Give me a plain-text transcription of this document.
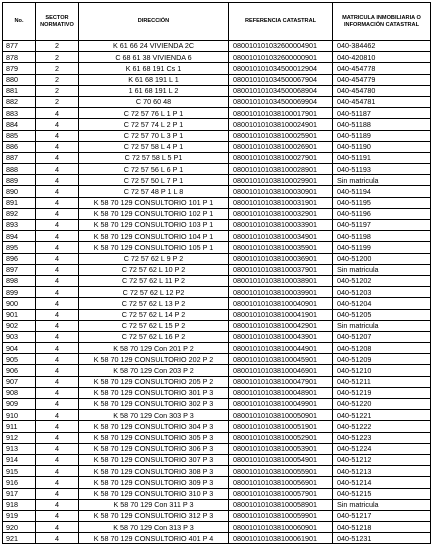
No.	SECTOR NORMATIVO	DIRECCIÓN	REFERENCIA CATASTRAL	MATRICULA INMOBILIARIA O INFORMACIÓN CATASTRAL
877	2	K 61 66 24 VIVIENDA 2C	080010101032600004901	040-384462
878	2	C 68 61 38 VIVIENDA 6	080010101032600000901	040-420810
879	2	K 61 68 191 Cs 1	080010101034500012904	040-454778
880	2	K 61 68 191 L 1	080010101034500067904	040-454779
881	2	1 61 68 191 L 2	080010101034500068904	040-454780
882	2	C 70 60 48	080010101034500069904	040-454781
883	4	C 72 57 76 L 1 P 1	080010101038100017901	040-51187
884	4	C 72 57 74 L 2 P 1	080010101038100024901	040-51188
885	4	C 72 57 70 L 3 P 1	080010101038100025901	040-51189
886	4	C 72 57 58 L 4 P 1	080010101038100026901	040-51190
887	4	C 72 57 58 L 5 P1	080010101038100027901	040-51191
888	4	C 72 57 56 L 6 P 1	080010101038100028901	040-51193
889	4	C 72 57 50 L 7 P 1	080010101038100029901	Sin matricula
890	4	C 72 57 48 P 1 L 8	080010101038100030901	040-51194
891	4	K 58 70 129 CONSULTORIO 101 P 1	080010101038100031901	040-51195
892	4	K 58 70 129 CONSULTORIO 102 P 1	080010101038100032901	040-51196
893	4	K 58 70 129 CONSULTORIO 103 P 1	080010101038100033901	040-51197
894	4	K 58 70 129 CONSULTORIO 104 P 1	080010101038100034901	040-51198
895	4	K 58 70 129 CONSULTORIO 105 P 1	080010101038100035901	040-51199
896	4	C 72 57 62 L 9 P 2	080010101038100036901	040-51200
897	4	C 72 57 62 L 10 P 2	080010101038100037901	Sin matricula
898	4	C 72 57 62 L 11 P 2	080010101038100038901	040-51202
899	4	C 72 57 62 L 12 P2	080010101038100039901	040-51203
900	4	C 72 57 62 L 13 P 2	080010101038100040901	040-51204
901	4	C 72 57 62 L 14 P 2	080010101038100041901	040-51205
902	4	C 72 57 62 L 15 P 2	080010101038100042901	Sin matricula
903	4	C 72 57 62 L 16 P 2	080010101038100043901	040-51207
904	4	K 58 70 129 Con 201 P 2	080010101038100044901	040-51208
905	4	K 58 70 129 CONSULTORIO 202 P 2	080010101038100045901	040-51209
906	4	K 58 70 129 Con 203 P 2	080010101038100046901	040-51210
907	4	K 58 70 129 CONSULTORIO 205 P 2	080010101038100047901	040-51211
908	4	K 58 70 129 CONSULTORIO 301 P 3	080010101038100048901	040-51219
909	4	K 58 70 129 CONSULTORIO 302 P 3	080010101038100049901	040-51220
910	4	K 58 70 129 Con 303 P 3	080010101038100050901	040-51221
911	4	K 58 70 129 CONSULTORIO 304 P 3	080010101038100051901	040-51222
912	4	K 58 70 129 CONSULTORIO 305 P 3	080010101038100052901	040-51223
913	4	K 58 70 129 CONSULTORIO 306 P 3	080010101038100053901	040-51224
914	4	K 58 70 129 CONSULTORIO 307 P 3	080010101038100054901	040-51212
915	4	K 58 70 129 CONSULTORIO 308 P 3	080010101038100055901	040-51213
916	4	K 58 70 129 CONSULTORIO 309 P 3	080010101038100056901	040-51214
917	4	K 58 70 129 CONSULTORIO 310 P 3	080010101038100057901	040-51215
918	4	K 58 70 129 Con 311 P 3	080010101038100058901	Sin matricula
919	4	K 58 70 129 CONSULTORIO 312 P 3	080010101038100059901	040-51217
920	4	K 58 70 129 Con 313 P 3	080010101038100060901	040-51218
921	4	K 58 70 129 CONSULTORIO 401 P 4	080010101038100061901	040-51231
